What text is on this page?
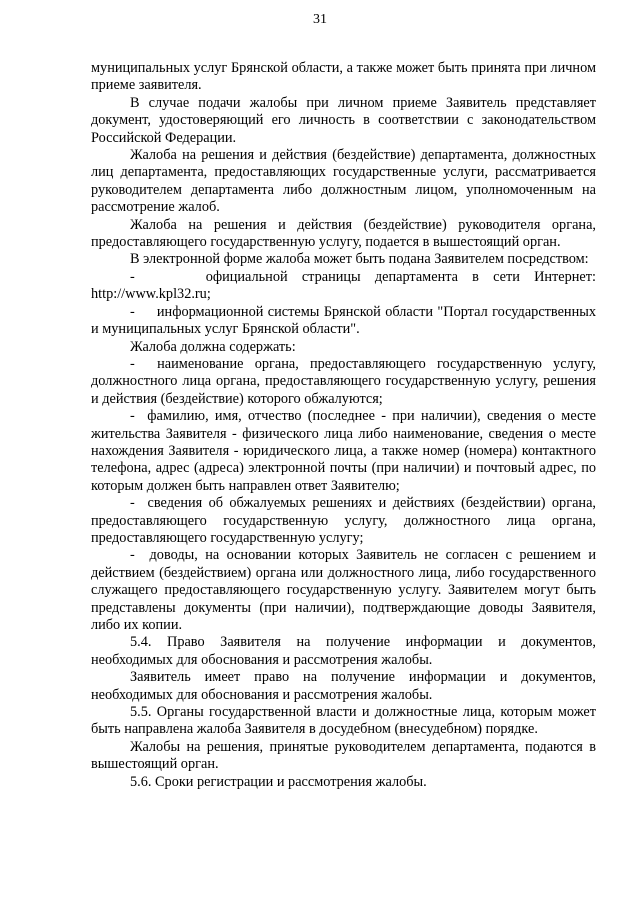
31

муниципальных услуг Брянской области, а также может быть принята при личном приеме заявителя.

В случае подачи жалобы при личном приеме Заявитель представляет документ, удостоверяющий его личность в соответствии с законодательством Российской Федерации.

Жалоба на решения и действия (бездействие) департамента, должностных лиц департамента, предоставляющих государственные услуги, рассматривается руководителем департамента либо должностным лицом, уполномоченным на рассмотрение жалоб.

Жалоба на решения и действия (бездействие) руководителя органа, предоставляющего государственную услугу, подается в вышестоящий орган.

В электронной форме жалоба может быть подана Заявителем посредством:

-     официальной страницы департамента в сети Интернет: http://www.kpl32.ru;

-     информационной системы Брянской области "Портал государственных и муниципальных услуг Брянской области".

Жалоба должна содержать:

-  наименование органа, предоставляющего государственную услугу, должностного лица органа, предоставляющего государственную услугу, решения и действия (бездействие) которого обжалуются;

-  фамилию, имя, отчество (последнее - при наличии), сведения о месте жительства Заявителя - физического лица либо наименование, сведения о месте нахождения Заявителя - юридического лица, а также номер (номера) контактного телефона, адрес (адреса) электронной почты (при наличии) и почтовый адрес, по которым должен быть направлен ответ Заявителю;

-  сведения об обжалуемых решениях и действиях (бездействии) органа, предоставляющего государственную услугу, должностного лица органа, предоставляющего государственную услугу;

-  доводы, на основании которых Заявитель не согласен с решением и действием (бездействием) органа или должностного лица, либо государственного служащего предоставляющего государственную услугу. Заявителем могут быть представлены документы (при наличии), подтверждающие доводы Заявителя, либо их копии.

5.4. Право Заявителя на получение информации и документов, необходимых для обоснования и рассмотрения жалобы.

Заявитель имеет право на получение информации и документов, необходимых для обоснования и рассмотрения жалобы.

5.5. Органы государственной власти и должностные лица, которым может быть направлена жалоба Заявителя в досудебном (внесудебном) порядке.

Жалобы на решения, принятые руководителем департамента, подаются в вышестоящий орган.

5.6. Сроки регистрации и рассмотрения жалобы.
